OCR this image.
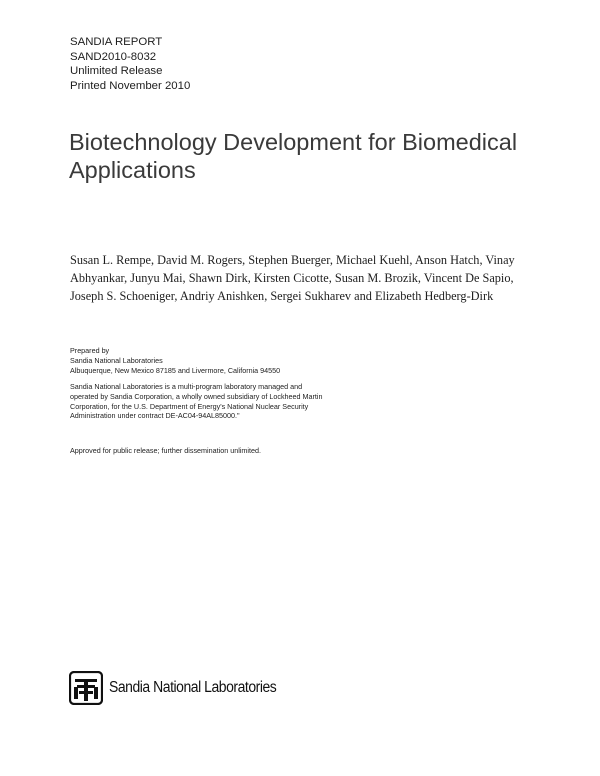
SANDIA REPORT
SAND2010-8032
Unlimited Release
Printed November 2010
Biotechnology Development for Biomedical
Applications
Susan L. Rempe, David M. Rogers, Stephen Buerger, Michael Kuehl, Anson Hatch, Vinay
Abhyankar, Junyu Mai, Shawn Dirk, Kirsten Cicotte, Susan M. Brozik, Vincent De Sapio,
Joseph S. Schoeniger, Andriy Anishken, Sergei Sukharev and Elizabeth Hedberg-Dirk
Prepared by
Sandia National Laboratories
Albuquerque, New Mexico 87185 and Livermore, California 94550
Sandia National Laboratories is a multi-program laboratory managed and
operated by Sandia Corporation, a wholly owned subsidiary of Lockheed Martin
Corporation, for the U.S. Department of Energy's National Nuclear Security
Administration under contract DE-AC04-94AL85000."
Approved for public release; further dissemination unlimited.
Sandia National Laboratories
